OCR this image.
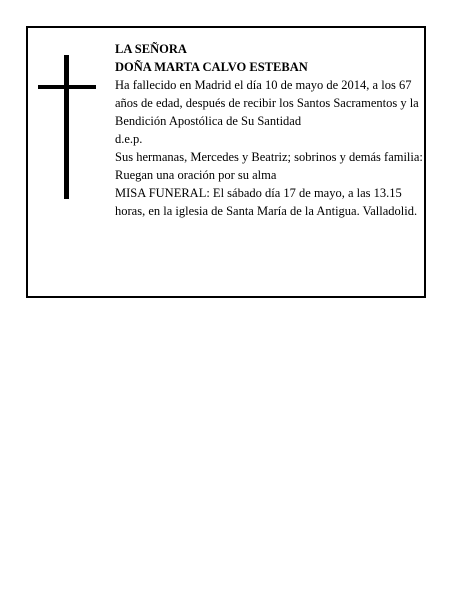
LA SEÑORA
DOÑA MARTA CALVO ESTEBAN
Ha fallecido en Madrid el día 10 de mayo de 2014, a los 67 años de edad, después de recibir los Santos Sacramentos y la Bendición Apostólica de Su Santidad
d.e.p.
Sus hermanas, Mercedes y Beatriz; sobrinos y demás familia:
Ruegan una oración por su alma
MISA FUNERAL: El sábado día 17 de mayo, a las 13.15 horas, en la iglesia de Santa María de la Antigua. Valladolid.
